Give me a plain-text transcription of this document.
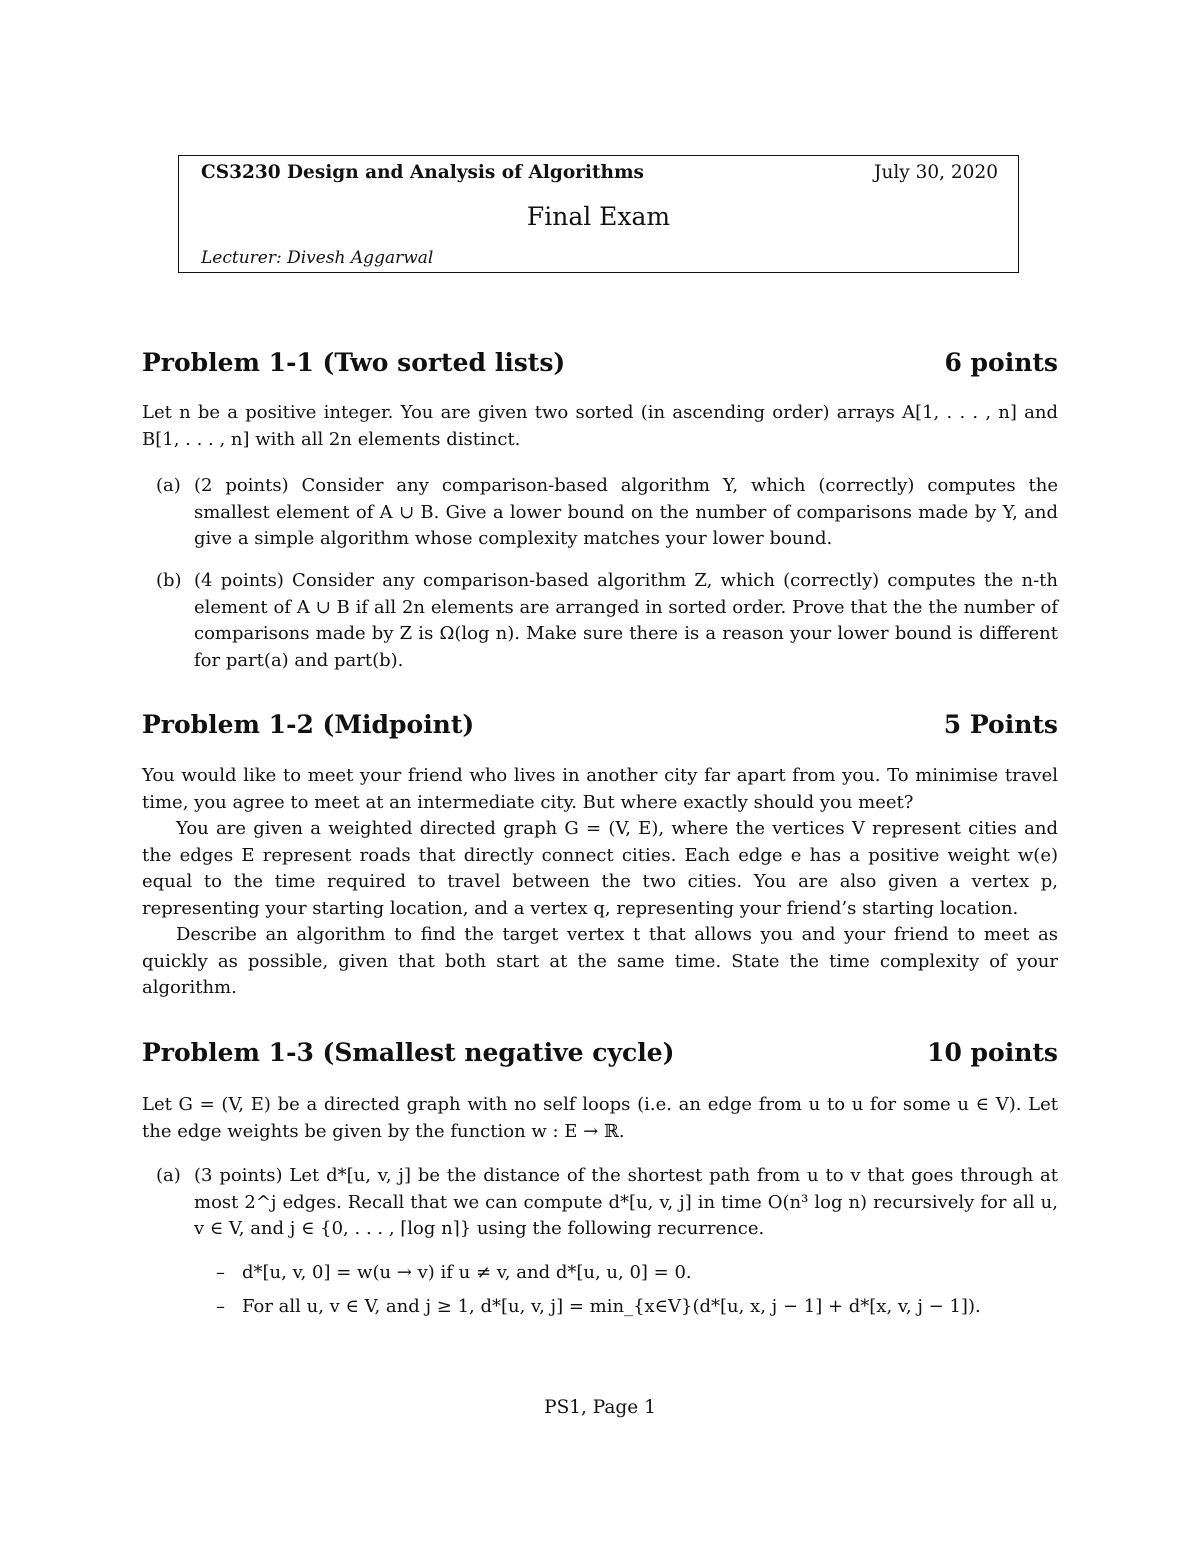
CS3230 Design and Analysis of Algorithms	July 30, 2020
Final Exam
Lecturer: Divesh Aggarwal
Problem 1-1 (Two sorted lists)	6 points
Let n be a positive integer. You are given two sorted (in ascending order) arrays A[1, . . . , n] and B[1, . . . , n] with all 2n elements distinct.
(a) (2 points) Consider any comparison-based algorithm Y, which (correctly) computes the smallest element of A ∪ B. Give a lower bound on the number of comparisons made by Y, and give a simple algorithm whose complexity matches your lower bound.
(b) (4 points) Consider any comparison-based algorithm Z, which (correctly) computes the n-th element of A ∪ B if all 2n elements are arranged in sorted order. Prove that the the number of comparisons made by Z is Ω(log n). Make sure there is a reason your lower bound is different for part(a) and part(b).
Problem 1-2 (Midpoint)	5 Points
You would like to meet your friend who lives in another city far apart from you. To minimise travel time, you agree to meet at an intermediate city. But where exactly should you meet?
You are given a weighted directed graph G = (V, E), where the vertices V represent cities and the edges E represent roads that directly connect cities. Each edge e has a positive weight w(e) equal to the time required to travel between the two cities. You are also given a vertex p, representing your starting location, and a vertex q, representing your friend’s starting location.
Describe an algorithm to find the target vertex t that allows you and your friend to meet as quickly as possible, given that both start at the same time. State the time complexity of your algorithm.
Problem 1-3 (Smallest negative cycle)	10 points
Let G = (V, E) be a directed graph with no self loops (i.e. an edge from u to u for some u ∈ V). Let the edge weights be given by the function w : E → ℝ.
(a) (3 points) Let d*[u, v, j] be the distance of the shortest path from u to v that goes through at most 2^j edges. Recall that we can compute d*[u, v, j] in time O(n³ log n) recursively for all u, v ∈ V, and j ∈ {0, . . . , ⌈log n⌉} using the following recurrence.
– d*[u, v, 0] = w(u → v) if u ≠ v, and d*[u, u, 0] = 0.
– For all u, v ∈ V, and j ≥ 1, d*[u, v, j] = min_{x∈V}(d*[u, x, j − 1] + d*[x, v, j − 1]).
PS1, Page 1
